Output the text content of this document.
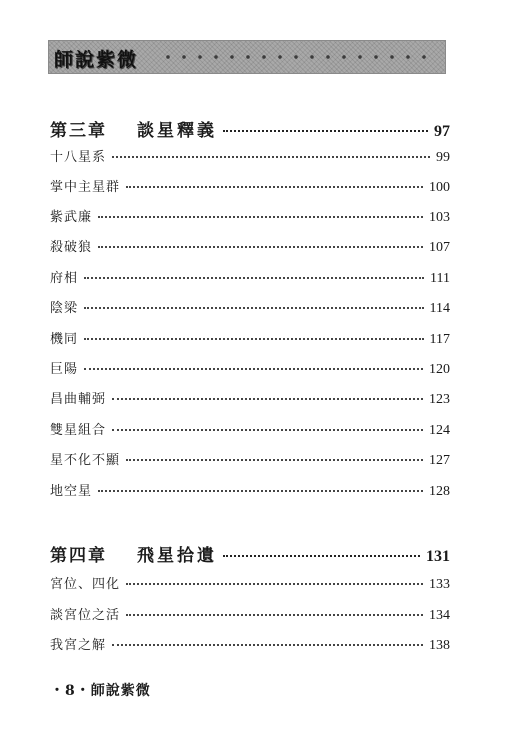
師說紫微
第三章 談星釋義	97
十八星系	99
掌中主星群	100
紫武廉	103
殺破狼	107
府相	111
陰梁	114
機同	117
巨陽	120
昌曲輔弼	123
雙星組合	124
星不化不顯	127
地空星	128
第四章 飛星拾遺	131
宮位、四化	133
談宮位之活	134
我宮之解	138
・8・師說紫微
